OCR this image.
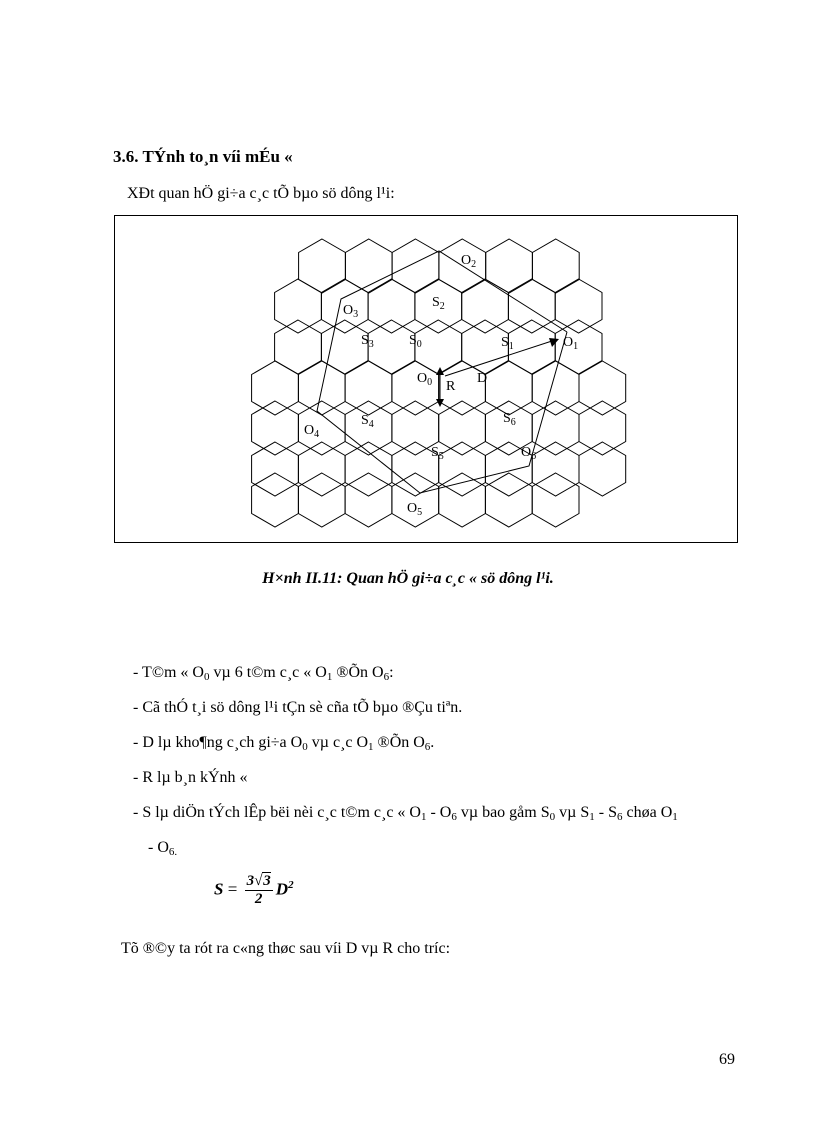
3.6. TÝnh to¸n víi mÉu «
XÐt quan hÖ gi÷a c¸c tÕ bµo sö dông l¹i:
$O_2$
$O_3$
$S_2$
$S_3$	$S_0$	$S_1$	$O_1$
$O_0$ R
D
$S_4$	$S_6$
$O_4$
$S_5$	$O_6$
$O_5$
H×nh II.11: Quan hÖ gi÷a c¸c « sö dông l¹i.
- T©m « $O_0$ vµ 6 t©m c¸c « $O_1$ ®Õn $O_6$:
- Cã thÓ t¸i sö dông l¹i tÇn sè cña tÕ bµo ®Çu tiªn.
- D lµ kho¶ng c¸ch gi÷a $O_0$ vµ c¸c $O_1$ ®Õn $O_6$.
- R lµ b¸n kÝnh «
- S lµ diÖn tÝch lÊp bëi nèi c¸c t©m c¸c « $O_1 - O_6$ vµ bao gåm $S_0$ vµ $S_1 - S_6$ chøa $O_1$
- $O_{6.}$
$S = \frac{3√3}{2} D^2$
Tõ ®©y ta rót ra c«ng thøc sau víi D vµ R cho tríc:
69
